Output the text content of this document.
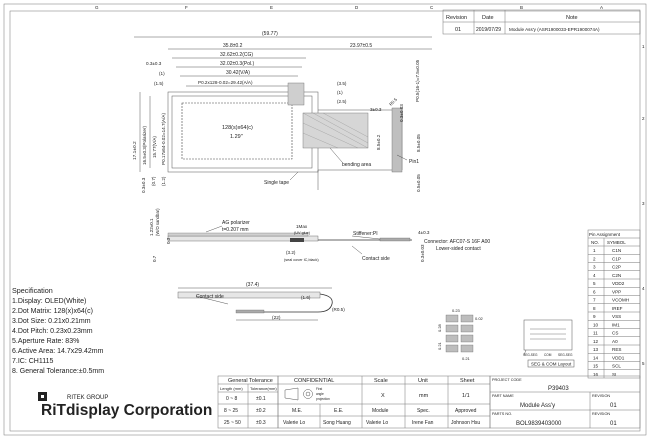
G	F	E	D	C	B	A
1
2
3
4
5
Revision	Date	Note
01	2019/07/29 Module Ass'y (ASR1900033-EPR1900074A)
(59.77)
35.8±0.2	23.97±0.5
32.62±0.2(CG)
32.02±0.3(Pol.)
30.42(V/A)
P0.2x128-0.02=29.42(A/A)
0.3±0.3
(1)
(1.5)	(3.5)
(1)
(2.5)
128(s)x64(c)
1.29"
17.1±0.2 16.5±0.3(Polarizer) 15.77(V/A) P0.17x64-0.02=14.7(A/A)
0.3±0.3 (0.7) (1.2)
P0.5(16-1)=7.5±0.05
8.5±0.2	8.5±0.05
3±0.3	0.3±0.03
0.5±0.05
R0.5
bending area	Pin1
Single tape
1.22±0.1 (W/O sandbar)
0.3
0.7
(3.2)	0.3±0.03
4±0.3
AG polarizer
t=0.207 mm
1Max
(UV glue)
(seal cover IC,black)
Stiffener:PI
Contact side
Connector: AFC07-S 16F A00
Lower-sided contact
(37.4)
Contact side	(1.6)
(R0.5)
(22)
0.23
0.02
0.21
0.21
0.28
SEG-SEG COM SEG-SEG
SEG & COM Layout
Specification
1.Display: OLED(White)
2.Dot Matrix: 128(x)x64(c)
3.Dot Size: 0.21x0.21mm
4.Dot Pitch: 0.23x0.23mm
5.Aperture Rate: 83%
6.Active Area: 14.7x29.42mm
7.IC: CH1115
8. General Tolerance:±0.5mm
Pin Assignment
NO. SYMBOL
1	C1N
2	C1P
3	C2P
4	C2N
5	VDD2
6	VPP
7	VCOMH
8	IREF
9	VSS
10	IM1
11	CS
12	A0
13	RES
14	VDD1
15	SCL
16	SI
RITEK GROUP
RiTdisplay Corporation
General Tolerance
Length (mm) Tolerance(mm)
0 ~ 8	±0.1
8 ~ 25	±0.2
25 ~ 50	±0.3
CONFIDENTIAL
First
angle
projection
Scale	Unit	Sheet
X	mm	1/1
M.E.	E.E.	Module	Spec.	Approved
Valerie Lo	Song Huang	Valerie Lo	Irene Fan	Johnson Hsu
PROJECT CODE
P39403
PART NAME
Module Ass'y
REVISION
01
PARTS NO.
BOL9839403000
REVISION
01
